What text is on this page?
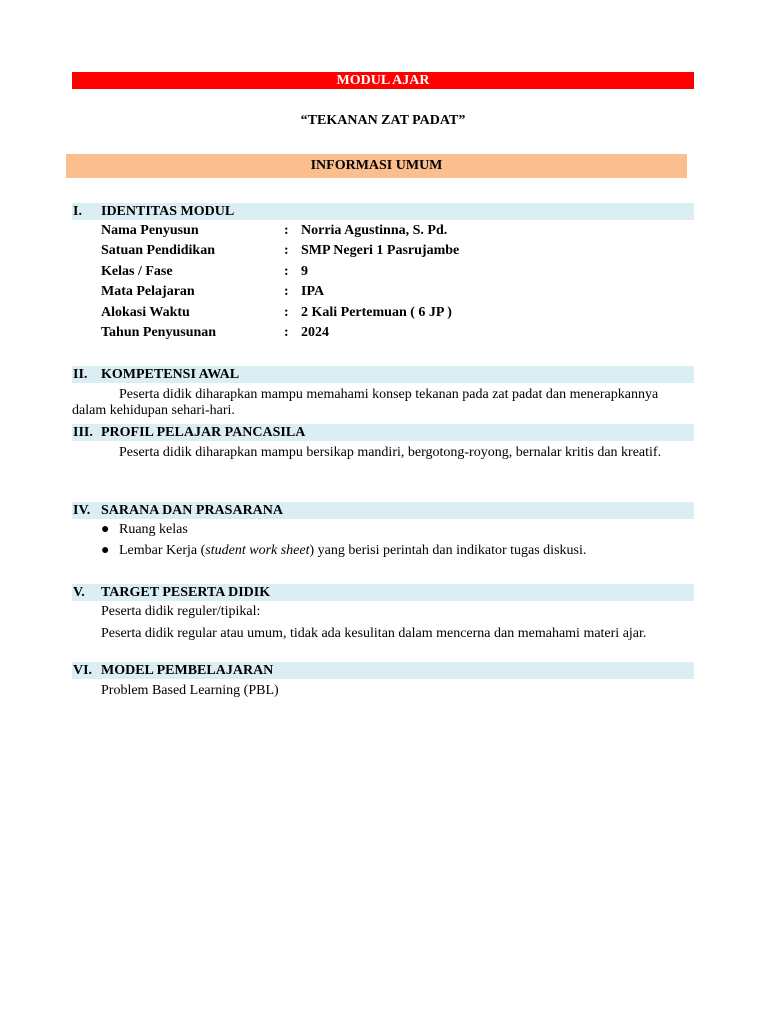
MODUL AJAR
“TEKANAN ZAT PADAT”
INFORMASI UMUM
I. IDENTITAS MODUL
Nama Penyusun	: Norria Agustinna, S. Pd.
Satuan Pendidikan	: SMP Negeri 1 Pasrujambe
Kelas / Fase	: 9
Mata Pelajaran	: IPA
Alokasi Waktu	: 2 Kali Pertemuan ( 6 JP )
Tahun Penyusunan	: 2024
II. KOMPETENSI AWAL
Peserta didik diharapkan mampu memahami konsep tekanan pada zat padat dan menerapkannya dalam kehidupan sehari-hari.
III. PROFIL PELAJAR PANCASILA
Peserta didik diharapkan mampu bersikap mandiri, bergotong-royong, bernalar kritis dan kreatif.
IV. SARANA DAN PRASARANA
● Ruang kelas
● Lembar Kerja (student work sheet) yang berisi perintah dan indikator tugas diskusi.
V. TARGET PESERTA DIDIK
Peserta didik reguler/tipikal:
Peserta didik regular atau umum, tidak ada kesulitan dalam mencerna dan memahami materi ajar.
VI. MODEL PEMBELAJARAN
Problem Based Learning (PBL)
